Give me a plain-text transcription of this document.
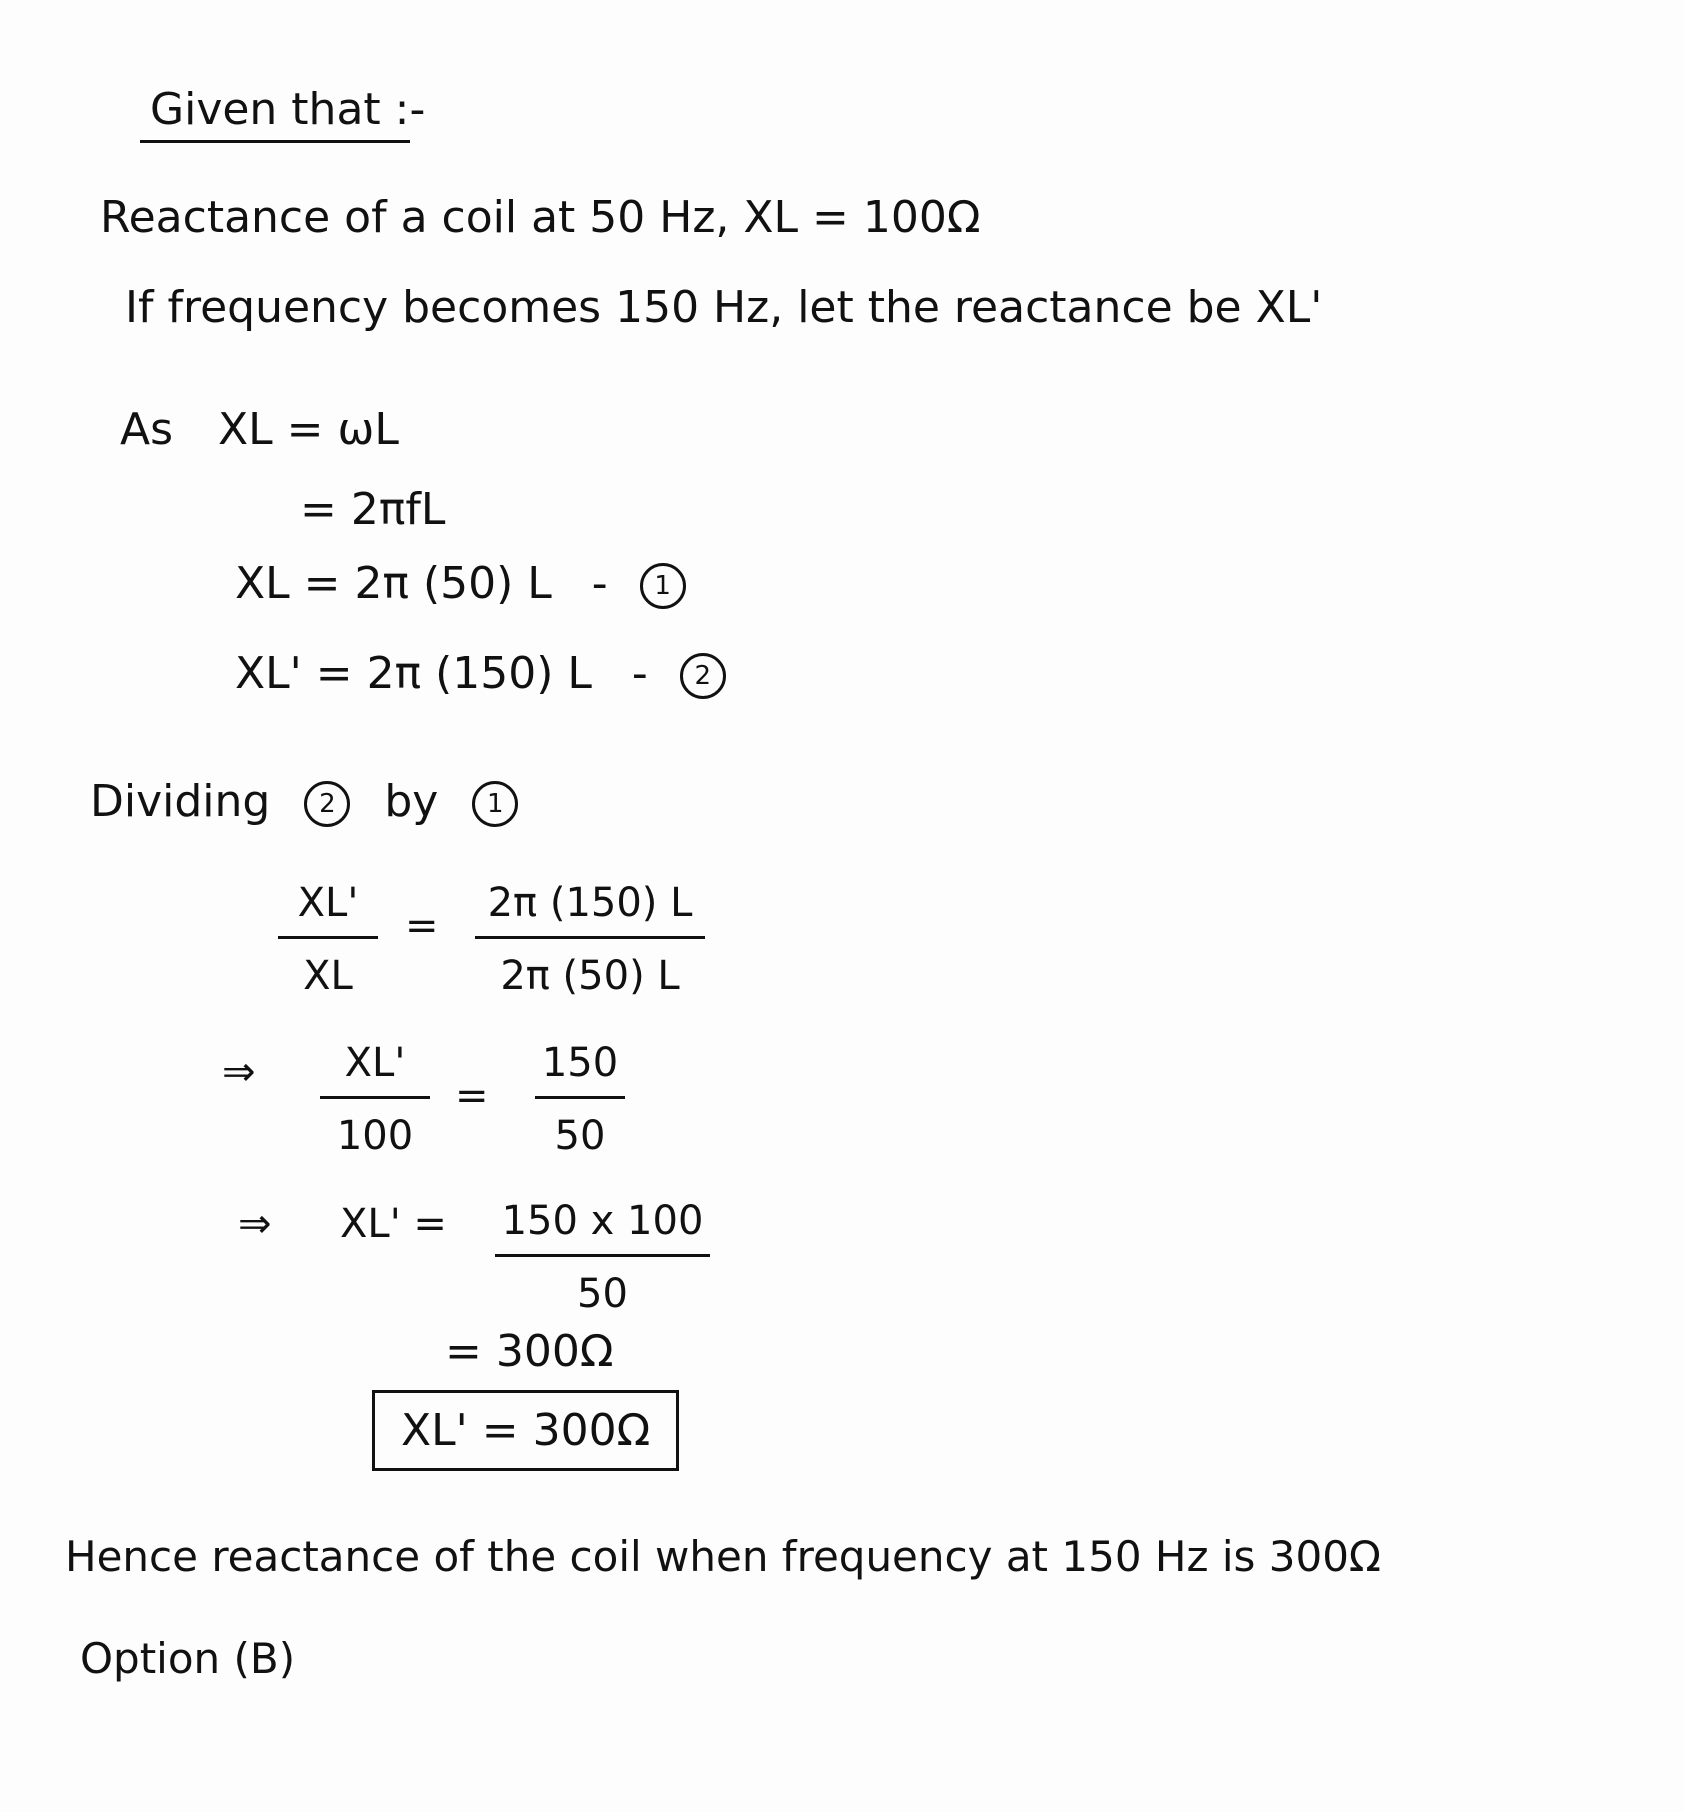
Given that :-
Reactance of a coil at 50 Hz, XL = 100Ω
If frequency becomes 150 Hz, let the reactance be XL'
As XL = ωL
= 2πfL
XL = 2π (50) L - 1
XL' = 2π (150) L - 2
Dividing 2 by 1
XL'
XL
= 2π (150) L
2π (50) L
⇒ XL'
100
=
150
50
⇒ XL' = 150 x 100
50
= 300Ω
XL' = 300Ω
Hence reactance of the coil when frequency at 150 Hz is 300Ω
Option (B)
